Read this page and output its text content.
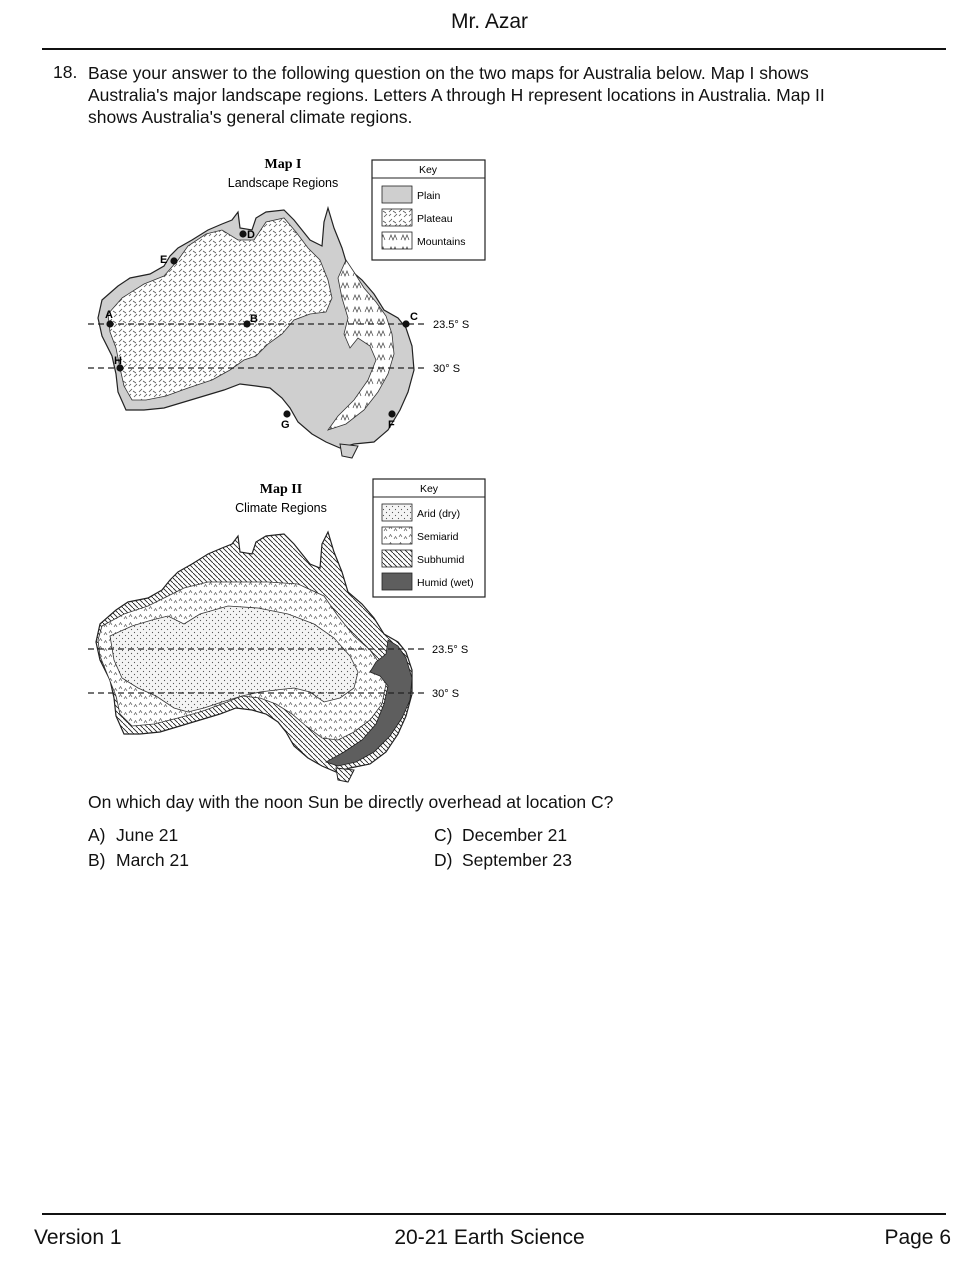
Mr. Azar
18. Base your answer to the following question on the two maps for Australia below. Map I shows Australia's major landscape regions. Letters A through H represent locations in Australia. Map II shows Australia's general climate regions.
Map I
Landscape Regions
23.5° S
30° S
A	B	C
D
E
F
G
H
Key
Plain
Plateau
Mountains
Map II
Climate Regions
23.5° S
30° S
Key
Arid (dry)
Semiarid
Subhumid
Humid (wet)
On which day with the noon Sun be directly overhead at location C?
A) June 21
B) March 21
C) December 21
D) September 23
Version 1	20-21 Earth Science	Page 6
